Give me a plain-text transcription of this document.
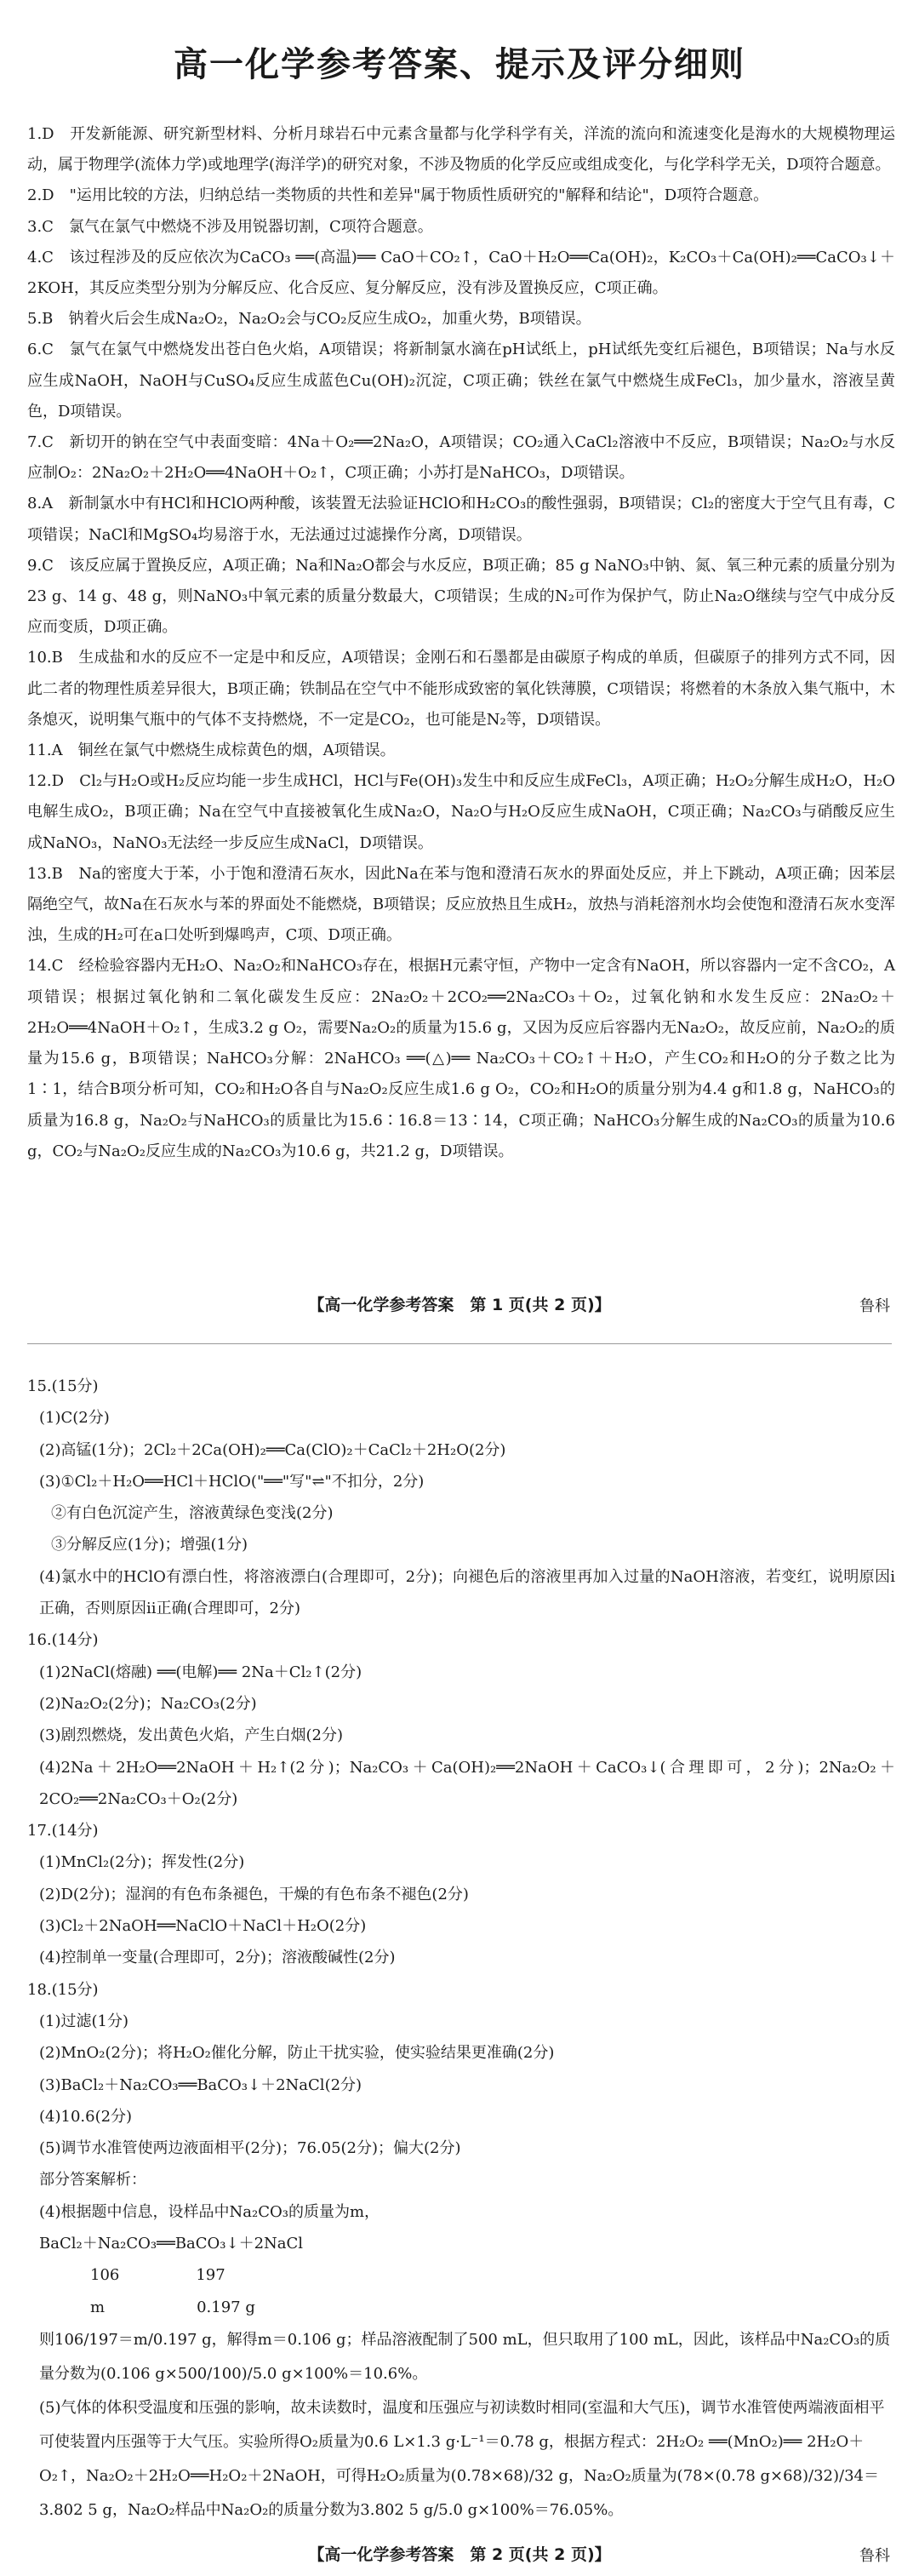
高一化学参考答案、提示及评分细则

1.D　开发新能源、研究新型材料、分析月球岩石中元素含量都与化学科学有关，洋流的流向和流速变化是海水的大规模物理运动，属于物理学(流体力学)或地理学(海洋学)的研究对象，不涉及物质的化学反应或组成变化，与化学科学无关，D项符合题意。

2.D　"运用比较的方法，归纳总结一类物质的共性和差异"属于物质性质研究的"解释和结论"，D项符合题意。

3.C　氯气在氯气中燃烧不涉及用锐器切割，C项符合题意。

4.C　该过程涉及的反应依次为CaCO₃ ══(高温)══ CaO＋CO₂↑，CaO＋H₂O══Ca(OH)₂，K₂CO₃＋Ca(OH)₂══CaCO₃↓＋2KOH，其反应类型分别为分解反应、化合反应、复分解反应，没有涉及置换反应，C项正确。

5.B　钠着火后会生成Na₂O₂，Na₂O₂会与CO₂反应生成O₂，加重火势，B项错误。

6.C　氯气在氯气中燃烧发出苍白色火焰，A项错误；将新制氯水滴在pH试纸上，pH试纸先变红后褪色，B项错误；Na与水反应生成NaOH，NaOH与CuSO₄反应生成蓝色Cu(OH)₂沉淀，C项正确；铁丝在氯气中燃烧生成FeCl₃，加少量水，溶液呈黄色，D项错误。

7.C　新切开的钠在空气中表面变暗：4Na＋O₂══2Na₂O，A项错误；CO₂通入CaCl₂溶液中不反应，B项错误；Na₂O₂与水反应制O₂：2Na₂O₂＋2H₂O══4NaOH＋O₂↑，C项正确；小苏打是NaHCO₃，D项错误。

8.A　新制氯水中有HCl和HClO两种酸，该装置无法验证HClO和H₂CO₃的酸性强弱，B项错误；Cl₂的密度大于空气且有毒，C项错误；NaCl和MgSO₄均易溶于水，无法通过过滤操作分离，D项错误。

9.C　该反应属于置换反应，A项正确；Na和Na₂O都会与水反应，B项正确；85 g NaNO₃中钠、氮、氧三种元素的质量分别为23 g、14 g、48 g，则NaNO₃中氧元素的质量分数最大，C项错误；生成的N₂可作为保护气，防止Na₂O继续与空气中成分反应而变质，D项正确。

10.B　生成盐和水的反应不一定是中和反应，A项错误；金刚石和石墨都是由碳原子构成的单质，但碳原子的排列方式不同，因此二者的物理性质差异很大，B项正确；铁制品在空气中不能形成致密的氧化铁薄膜，C项错误；将燃着的木条放入集气瓶中，木条熄灭，说明集气瓶中的气体不支持燃烧，不一定是CO₂，也可能是N₂等，D项错误。

11.A　铜丝在氯气中燃烧生成棕黄色的烟，A项错误。

12.D　Cl₂与H₂O或H₂反应均能一步生成HCl，HCl与Fe(OH)₃发生中和反应生成FeCl₃，A项正确；H₂O₂分解生成H₂O，H₂O电解生成O₂，B项正确；Na在空气中直接被氧化生成Na₂O，Na₂O与H₂O反应生成NaOH，C项正确；Na₂CO₃与硝酸反应生成NaNO₃，NaNO₃无法经一步反应生成NaCl，D项错误。

13.B　Na的密度大于苯，小于饱和澄清石灰水，因此Na在苯与饱和澄清石灰水的界面处反应，并上下跳动，A项正确；因苯层隔绝空气，故Na在石灰水与苯的界面处不能燃烧，B项错误；反应放热且生成H₂，放热与消耗溶剂水均会使饱和澄清石灰水变浑浊，生成的H₂可在a口处听到爆鸣声，C项、D项正确。

14.C　经检验容器内无H₂O、Na₂O₂和NaHCO₃存在，根据H元素守恒，产物中一定含有NaOH，所以容器内一定不含CO₂，A项错误；根据过氧化钠和二氧化碳发生反应：2Na₂O₂＋2CO₂══2Na₂CO₃＋O₂，过氧化钠和水发生反应：2Na₂O₂＋2H₂O══4NaOH＋O₂↑，生成3.2 g O₂，需要Na₂O₂的质量为15.6 g，又因为反应后容器内无Na₂O₂，故反应前，Na₂O₂的质量为15.6 g，B项错误；NaHCO₃分解：2NaHCO₃ ══(△)══ Na₂CO₃＋CO₂↑＋H₂O，产生CO₂和H₂O的分子数之比为1∶1，结合B项分析可知，CO₂和H₂O各自与Na₂O₂反应生成1.6 g O₂，CO₂和H₂O的质量分别为4.4 g和1.8 g，NaHCO₃的质量为16.8 g，Na₂O₂与NaHCO₃的质量比为15.6∶16.8＝13∶14，C项正确；NaHCO₃分解生成的Na₂CO₃的质量为10.6 g，CO₂与Na₂O₂反应生成的Na₂CO₃为10.6 g，共21.2 g，D项错误。

【高一化学参考答案　第 1 页(共 2 页)】	鲁科

15.(15分)

(1)C(2分)

(2)高锰(1分)；2Cl₂＋2Ca(OH)₂══Ca(ClO)₂＋CaCl₂＋2H₂O(2分)

(3)①Cl₂＋H₂O══HCl＋HClO("══"写"⇌"不扣分，2分)

②有白色沉淀产生，溶液黄绿色变浅(2分)

③分解反应(1分)；增强(1分)

(4)氯水中的HClO有漂白性，将溶液漂白(合理即可，2分)；向褪色后的溶液里再加入过量的NaOH溶液，若变红，说明原因ⅰ正确，否则原因ⅱ正确(合理即可，2分)

16.(14分)

(1)2NaCl(熔融) ══(电解)══ 2Na＋Cl₂↑(2分)

(2)Na₂O₂(2分)；Na₂CO₃(2分)

(3)剧烈燃烧，发出黄色火焰，产生白烟(2分)

(4)2Na＋2H₂O══2NaOH＋H₂↑(2分)；Na₂CO₃＋Ca(OH)₂══2NaOH＋CaCO₃↓(合理即可，2分)；2Na₂O₂＋2CO₂══2Na₂CO₃＋O₂(2分)

17.(14分)

(1)MnCl₂(2分)；挥发性(2分)

(2)D(2分)；湿润的有色布条褪色，干燥的有色布条不褪色(2分)

(3)Cl₂＋2NaOH══NaClO＋NaCl＋H₂O(2分)

(4)控制单一变量(合理即可，2分)；溶液酸碱性(2分)

18.(15分)

(1)过滤(1分)

(2)MnO₂(2分)；将H₂O₂催化分解，防止干扰实验，使实验结果更准确(2分)

(3)BaCl₂＋Na₂CO₃══BaCO₃↓＋2NaCl(2分)

(4)10.6(2分)

(5)调节水准管使两边液面相平(2分)；76.05(2分)；偏大(2分)

部分答案解析：

(4)根据题中信息，设样品中Na₂CO₃的质量为m，

BaCl₂＋Na₂CO₃══BaCO₃↓＋2NaCl

106　　　　　197

m　　　　　　0.197 g

则106/197＝m/0.197 g，解得m＝0.106 g；样品溶液配制了500 mL，但只取用了100 mL，因此，该样品中Na₂CO₃的质量分数为(0.106 g×500/100)/5.0 g×100%＝10.6%。

(5)气体的体积受温度和压强的影响，故未读数时，温度和压强应与初读数时相同(室温和大气压)，调节水准管使两端液面相平可使装置内压强等于大气压。实验所得O₂质量为0.6 L×1.3 g·L⁻¹＝0.78 g，根据方程式：2H₂O₂ ══(MnO₂)══ 2H₂O＋O₂↑，Na₂O₂＋2H₂O══H₂O₂＋2NaOH，可得H₂O₂质量为(0.78×68)/32 g，Na₂O₂质量为(78×(0.78 g×68)/32)/34＝3.802 5 g，Na₂O₂样品中Na₂O₂的质量分数为3.802 5 g/5.0 g×100%＝76.05%。

【高一化学参考答案　第 2 页(共 2 页)】	鲁科
